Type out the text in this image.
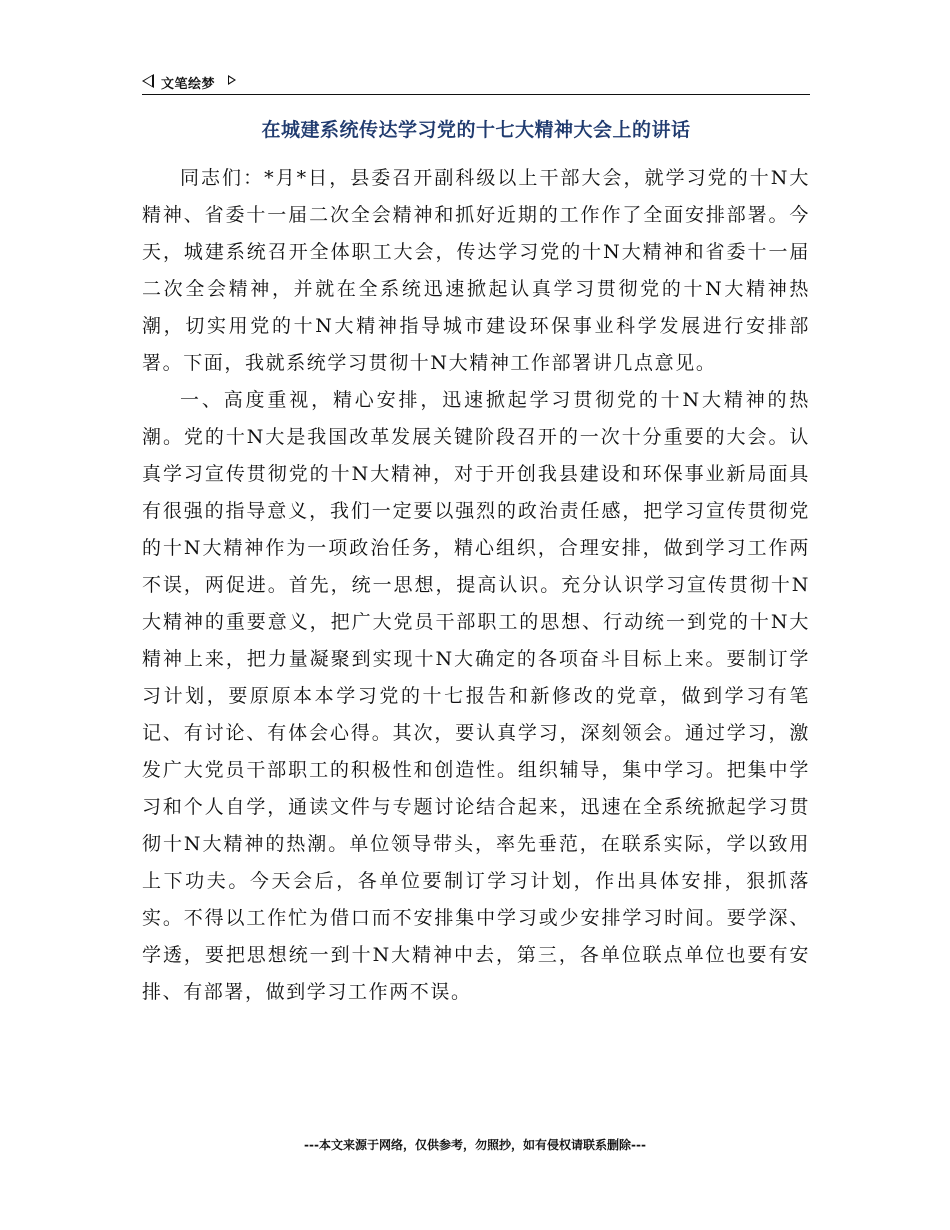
文笔绘梦
在城建系统传达学习党的十七大精神大会上的讲话

同志们：*月*日，县委召开副科级以上干部大会，就学习党的十N大精神、省委十一届二次全会精神和抓好近期的工作作了全面安排部署。今天，城建系统召开全体职工大会，传达学习党的十N大精神和省委十一届二次全会精神，并就在全系统迅速掀起认真学习贯彻党的十N大精神热潮，切实用党的十N大精神指导城市建设环保事业科学发展进行安排部署。下面，我就系统学习贯彻十N大精神工作部署讲几点意见。

一、高度重视，精心安排，迅速掀起学习贯彻党的十N大精神的热潮。党的十N大是我国改革发展关键阶段召开的一次十分重要的大会。认真学习宣传贯彻党的十N大精神，对于开创我县建设和环保事业新局面具有很强的指导意义，我们一定要以强烈的政治责任感，把学习宣传贯彻党的十N大精神作为一项政治任务，精心组织，合理安排，做到学习工作两不误，两促进。首先，统一思想，提高认识。充分认识学习宣传贯彻十N大精神的重要意义，把广大党员干部职工的思想、行动统一到党的十N大精神上来，把力量凝聚到实现十N大确定的各项奋斗目标上来。要制订学习计划，要原原本本学习党的十七报告和新修改的党章，做到学习有笔记、有讨论、有体会心得。其次，要认真学习，深刻领会。通过学习，激发广大党员干部职工的积极性和创造性。组织辅导，集中学习。把集中学习和个人自学，通读文件与专题讨论结合起来，迅速在全系统掀起学习贯彻十N大精神的热潮。单位领导带头，率先垂范，在联系实际，学以致用上下功夫。今天会后，各单位要制订学习计划，作出具体安排，狠抓落实。不得以工作忙为借口而不安排集中学习或少安排学习时间。要学深、学透，要把思想统一到十N大精神中去，第三，各单位联点单位也要有安排、有部署，做到学习工作两不误。

---本文来源于网络，仅供参考，勿照抄，如有侵权请联系删除---
